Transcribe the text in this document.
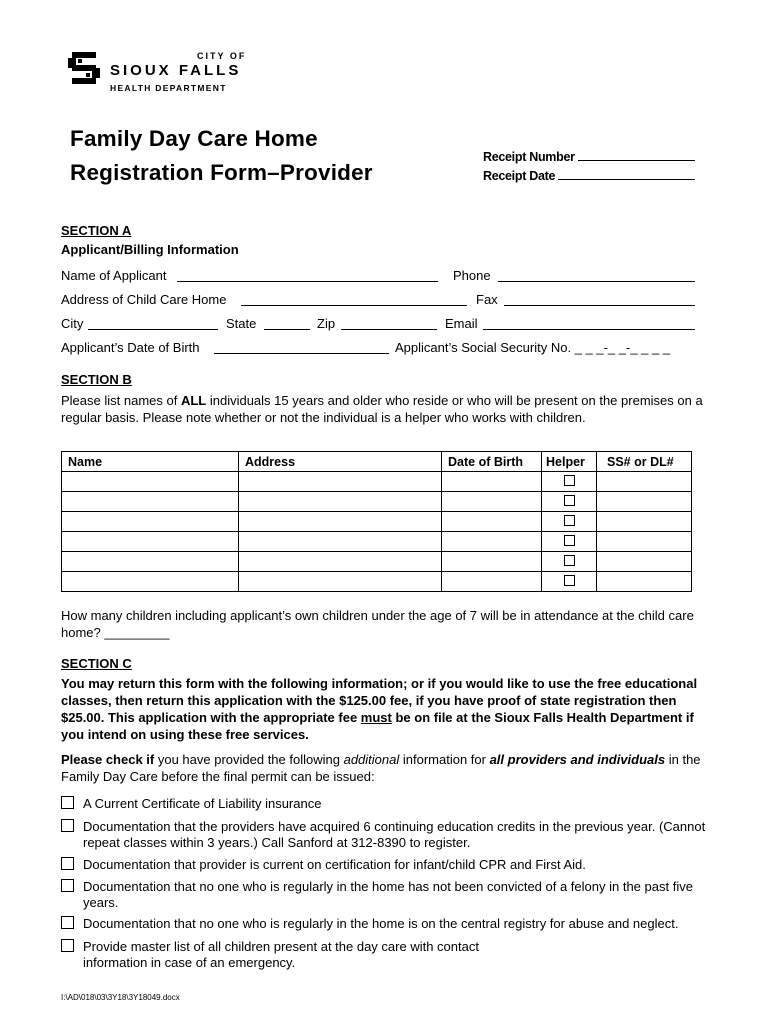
CITY OF
SIOUX FALLS
HEALTH DEPARTMENT
Family Day Care Home
Registration Form–Provider
Receipt Number
Receipt Date
SECTION A
Applicant/Billing Information
Name of Applicant	Phone
Address of Child Care Home	Fax
City	State	Zip	Email
Applicant’s Date of Birth	Applicant’s Social Security No. _ _ _-_ _-_ _ _ _
SECTION B
Please list names of ALL individuals 15 years and older who reside or who will be present on the premises on a regular basis. Please note whether or not the individual is a helper who works with children.
Name	Address	Date of Birth	Helper	SS# or DL#

How many children including applicant’s own children under the age of 7 will be in attendance at the child care home? _________
SECTION C
You may return this form with the following information; or if you would like to use the free educational classes, then return this application with the $125.00 fee, if you have proof of state registration then $25.00. This application with the appropriate fee must be on file at the Sioux Falls Health Department if you intend on using these free services.
Please check if you have provided the following additional information for all providers and individuals in the Family Day Care before the final permit can be issued:
A Current Certificate of Liability insurance
Documentation that the providers have acquired 6 continuing education credits in the previous year. (Cannot repeat classes within 3 years.) Call Sanford at 312-8390 to register.
Documentation that provider is current on certification for infant/child CPR and First Aid.
Documentation that no one who is regularly in the home has not been convicted of a felony in the past five years.
Documentation that no one who is regularly in the home is on the central registry for abuse and neglect.
Provide master list of all children present at the day care with contact information in case of an emergency.
I:\AD\018\03\3Y18\3Y18049.docx
